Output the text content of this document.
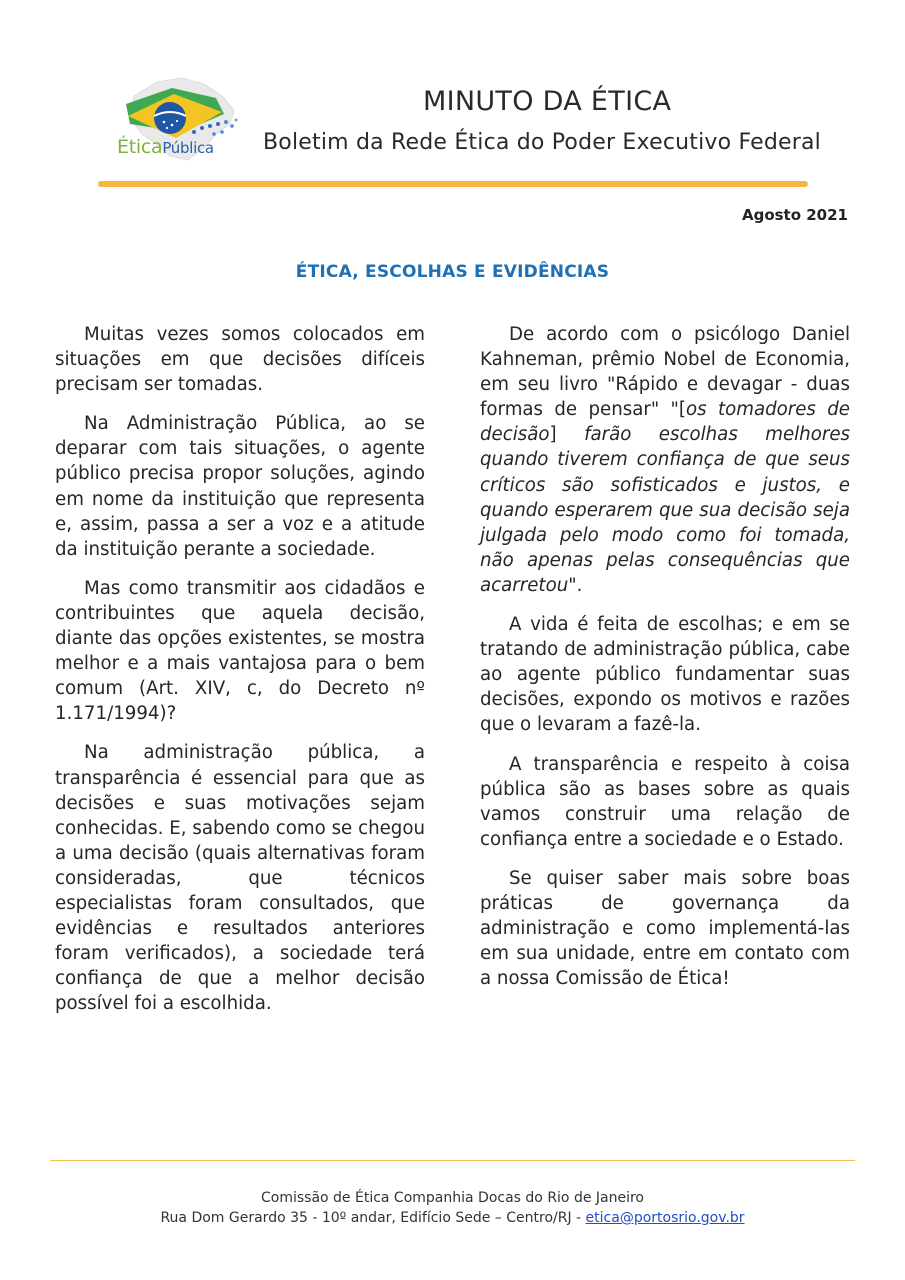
ÉticaPública
MINUTO DA ÉTICA
Boletim da Rede Ética do Poder Executivo Federal
Agosto 2021
ÉTICA, ESCOLHAS E EVIDÊNCIAS

Muitas vezes somos colocados em situações em que decisões difíceis precisam ser tomadas.

Na Administração Pública, ao se deparar com tais situações, o agente público precisa propor soluções, agindo em nome da instituição que representa e, assim, passa a ser a voz e a atitude da instituição perante a sociedade.

Mas como transmitir aos cidadãos e contribuintes que aquela decisão, diante das opções existentes, se mostra melhor e a mais vantajosa para o bem comum (Art. XIV, c, do Decreto nº 1.171/1994)?

Na administração pública, a transparência é essencial para que as decisões e suas motivações sejam conhecidas. E, sabendo como se chegou a uma decisão (quais alternativas foram consideradas, que técnicos especialistas foram consultados, que evidências e resultados anteriores foram verificados), a sociedade terá confiança de que a melhor decisão possível foi a escolhida.

De acordo com o psicólogo Daniel Kahneman, prêmio Nobel de Economia, em seu livro "Rápido e devagar - duas formas de pensar" "[os tomadores de decisão] farão escolhas melhores quando tiverem confiança de que seus críticos são sofisticados e justos, e quando esperarem que sua decisão seja julgada pelo modo como foi tomada, não apenas pelas consequências que acarretou".

A vida é feita de escolhas; e em se tratando de administração pública, cabe ao agente público fundamentar suas decisões, expondo os motivos e razões que o levaram a fazê-la.

A transparência e respeito à coisa pública são as bases sobre as quais vamos construir uma relação de confiança entre a sociedade e o Estado.

Se quiser saber mais sobre boas práticas de governança da administração e como implementá-las em sua unidade, entre em contato com a nossa Comissão de Ética!

Comissão de Ética Companhia Docas do Rio de Janeiro
Rua Dom Gerardo 35 - 10º andar, Edifício Sede – Centro/RJ - etica@portosrio.gov.br
